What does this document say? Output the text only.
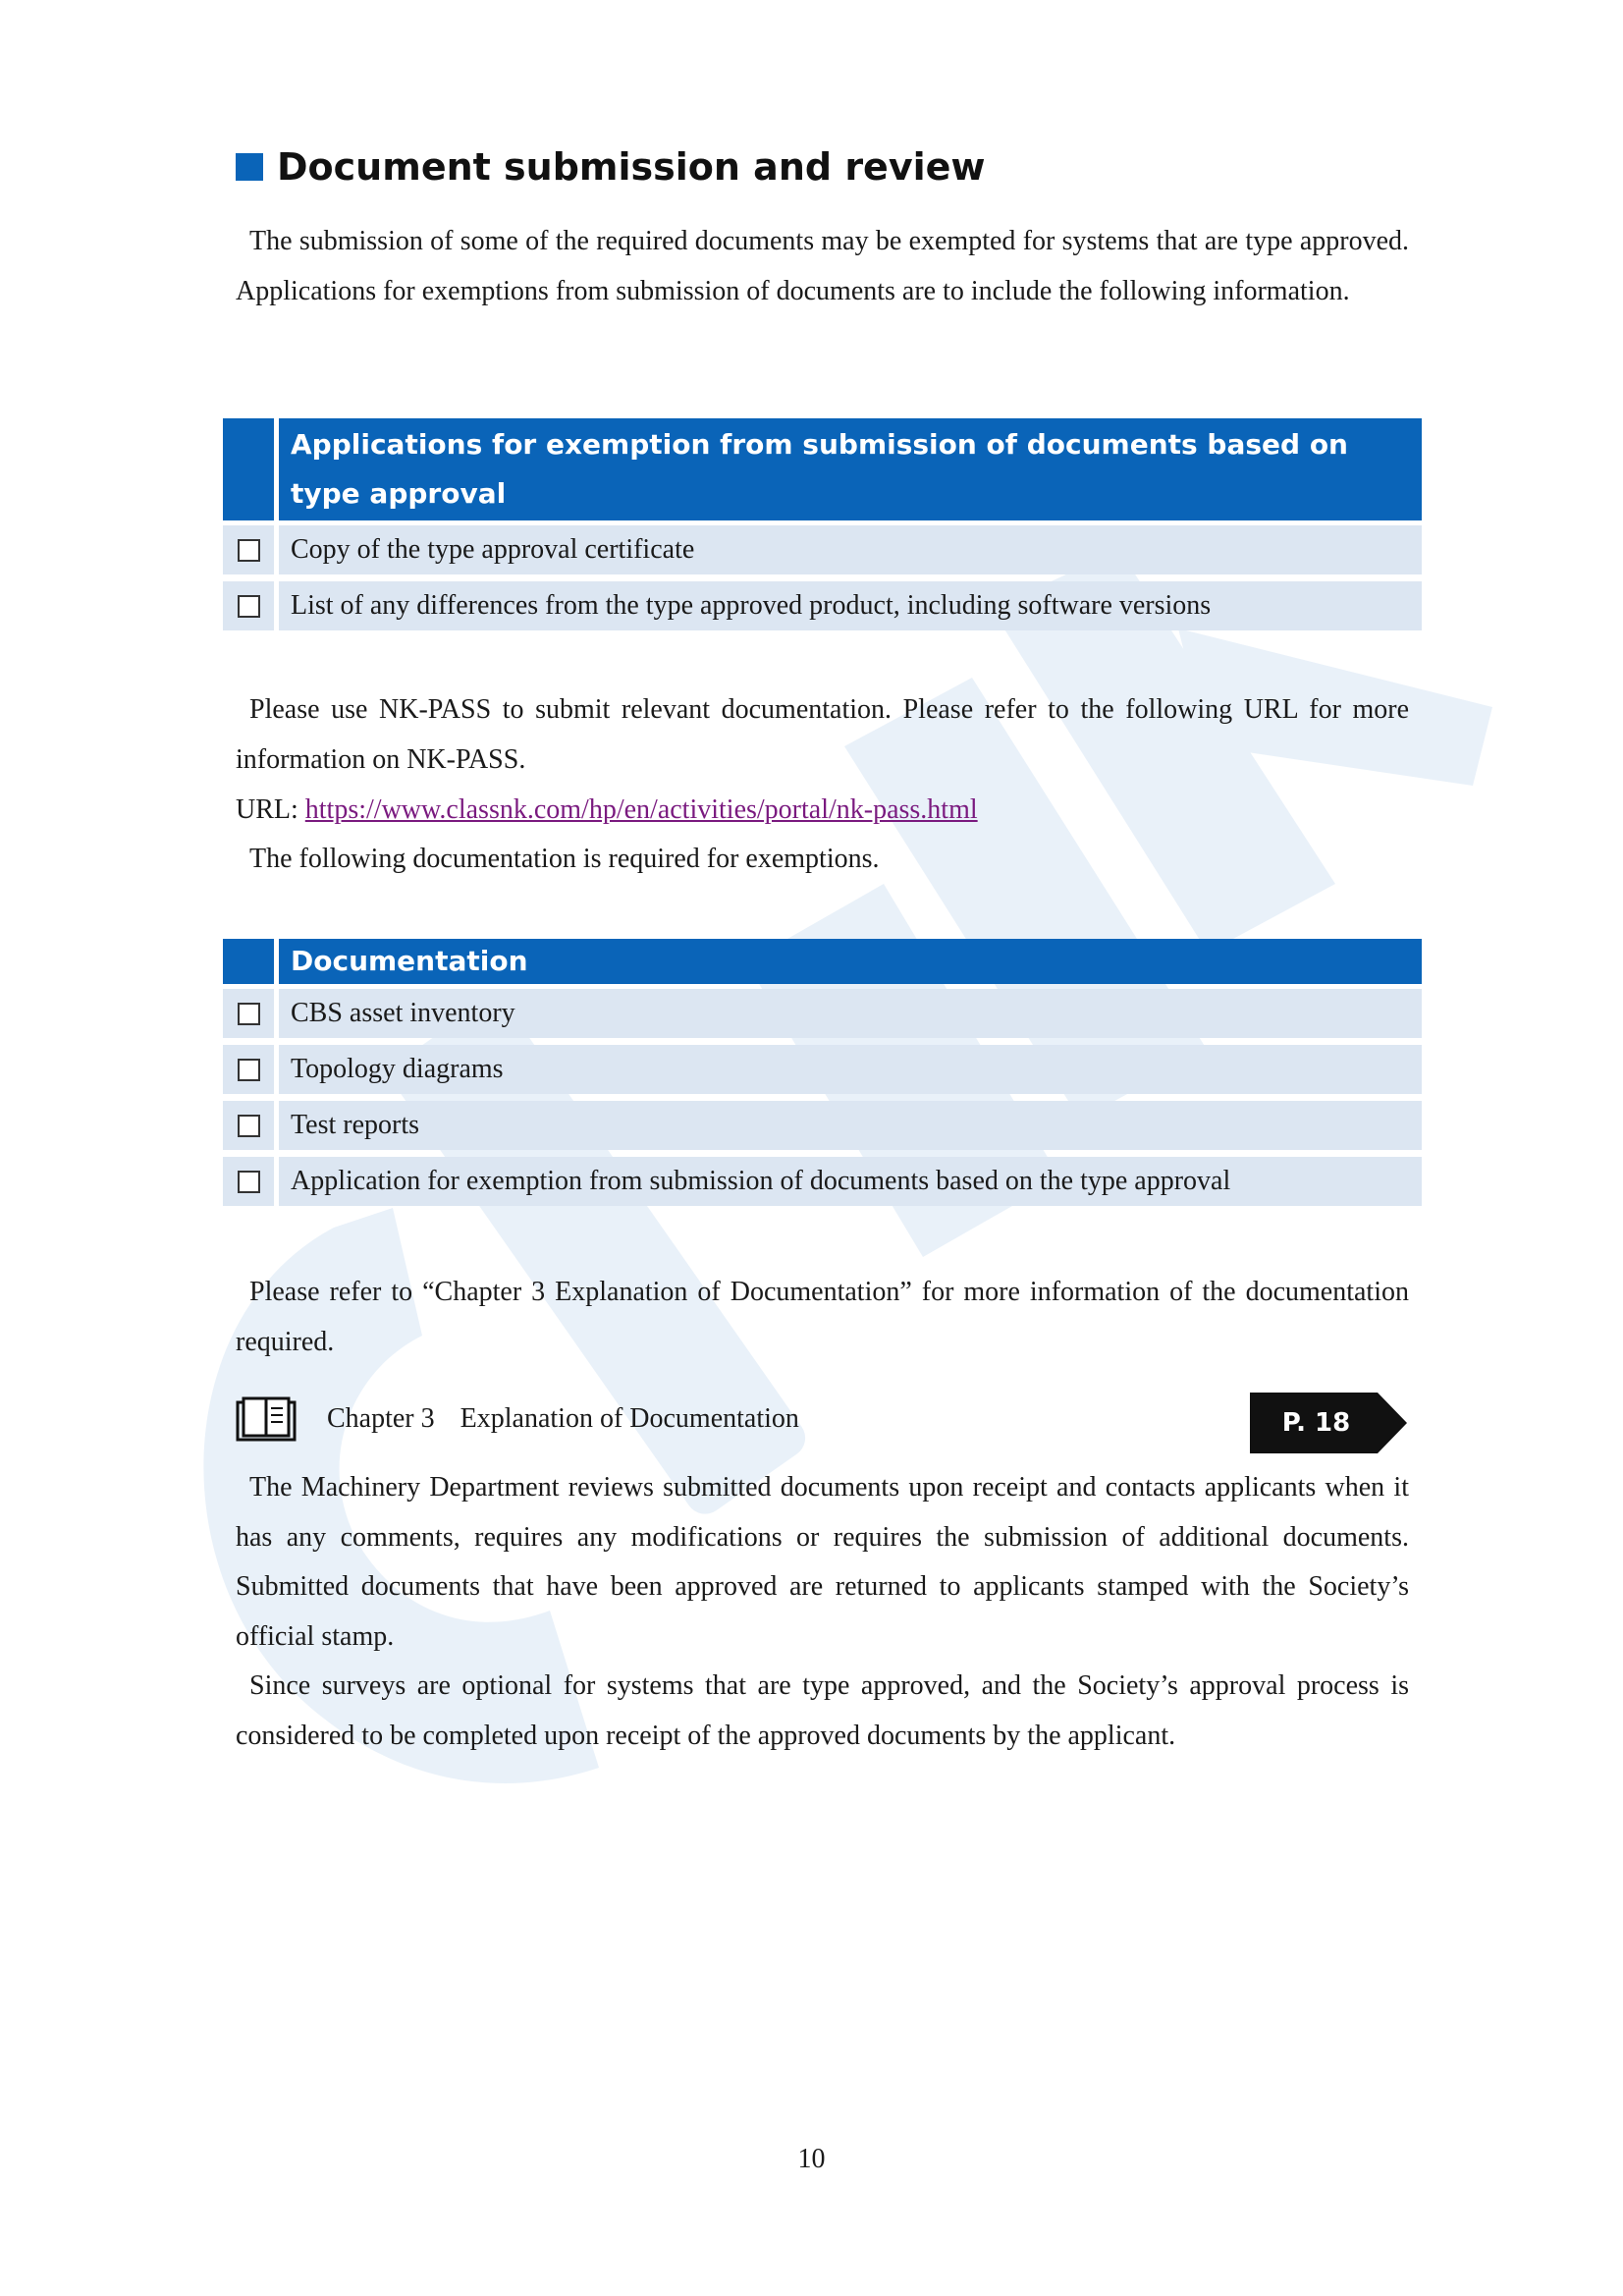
Document submission and review
The submission of some of the required documents may be exempted for systems that are type approved. Applications for exemptions from submission of documents are to include the following information.
Applications for exemption from submission of documents based on type approval
Copy of the type approval certificate
List of any differences from the type approved product, including software versions
Please use NK-PASS to submit relevant documentation. Please refer to the following URL for more information on NK-PASS.
URL: https://www.classnk.com/hp/en/activities/portal/nk-pass.html
The following documentation is required for exemptions.
Documentation
CBS asset inventory
Topology diagrams
Test reports
Application for exemption from submission of documents based on the type approval
Please refer to “Chapter 3 Explanation of Documentation” for more information of the documentation required.
Chapter 3 Explanation of Documentation	P. 18
The Machinery Department reviews submitted documents upon receipt and contacts applicants when it has any comments, requires any modifications or requires the submission of additional documents. Submitted documents that have been approved are returned to applicants stamped with the Society’s official stamp.
Since surveys are optional for systems that are type approved, and the Society’s approval process is considered to be completed upon receipt of the approved documents by the applicant.
10
